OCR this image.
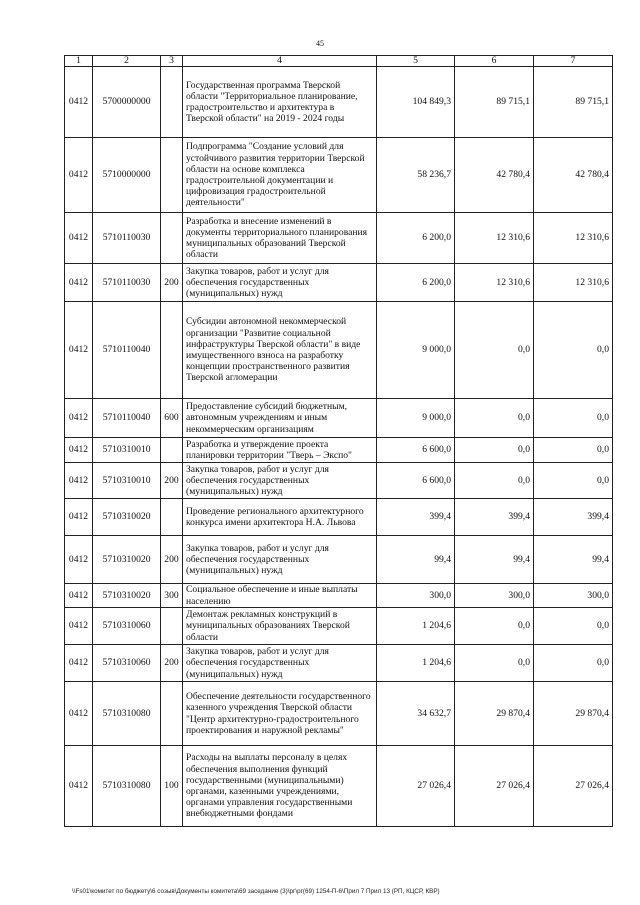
45
1	2	3	4	5	6	7
0412	5700000000		Государственная программа Тверской области "Территориальное планирование, градостроительство и архитектура в Тверской области" на 2019 - 2024 годы	104 849,3	89 715,1	89 715,1
0412	5710000000		Подпрограмма "Создание условий для устойчивого развития территории Тверской области на основе комплекса градостроительной документации и цифровизация градостроительной деятельности"	58 236,7	42 780,4	42 780,4
0412	5710110030		Разработка и внесение изменений в документы территориального планирования муниципальных образований Тверской области	6 200,0	12 310,6	12 310,6
0412	5710110030	200	Закупка товаров, работ и услуг для обеспечения государственных (муниципальных) нужд	6 200,0	12 310,6	12 310,6
0412	5710110040		Субсидии автономной некоммерческой организации "Развитие социальной инфраструктуры Тверской области" в виде имущественного взноса на разработку концепции пространственного развития Тверской агломерации	9 000,0	0,0	0,0
0412	5710110040	600	Предоставление субсидий бюджетным, автономным учреждениям и иным некоммерческим организациям	9 000,0	0,0	0,0
0412	5710310010		Разработка и утверждение проекта планировки территории "Тверь – Экспо"	6 600,0	0,0	0,0
0412	5710310010	200	Закупка товаров, работ и услуг для обеспечения государственных (муниципальных) нужд	6 600,0	0,0	0,0
0412	5710310020		Проведение регионального архитектурного конкурса имени архитектора Н.А. Львова	399,4	399,4	399,4
0412	5710310020	200	Закупка товаров, работ и услуг для обеспечения государственных (муниципальных) нужд	99,4	99,4	99,4
0412	5710310020	300	Социальное обеспечение и иные выплаты населению	300,0	300,0	300,0
0412	5710310060		Демонтаж рекламных конструкций в муниципальных образованиях Тверской области	1 204,6	0,0	0,0
0412	5710310060	200	Закупка товаров, работ и услуг для обеспечения государственных (муниципальных) нужд	1 204,6	0,0	0,0
0412	5710310080		Обеспечение деятельности государственного казенного учреждения Тверской области "Центр архитектурно-градостроительного проектирования и наружной рекламы"	34 632,7	29 870,4	29 870,4
0412	5710310080	100	Расходы на выплаты персоналу в целях обеспечения выполнения функций государственными (муниципальными) органами, казенными учреждениями, органами управления государственными внебюджетными фондами	27 026,4	27 026,4	27 026,4
\\Fs01\комитет по бюджету\6 созыв\Документы комитета\69 заседание (3)\рг\рг(69) 1254-П-6\Прил 7 Прил 13 (РП, КЦСР, КВР)
